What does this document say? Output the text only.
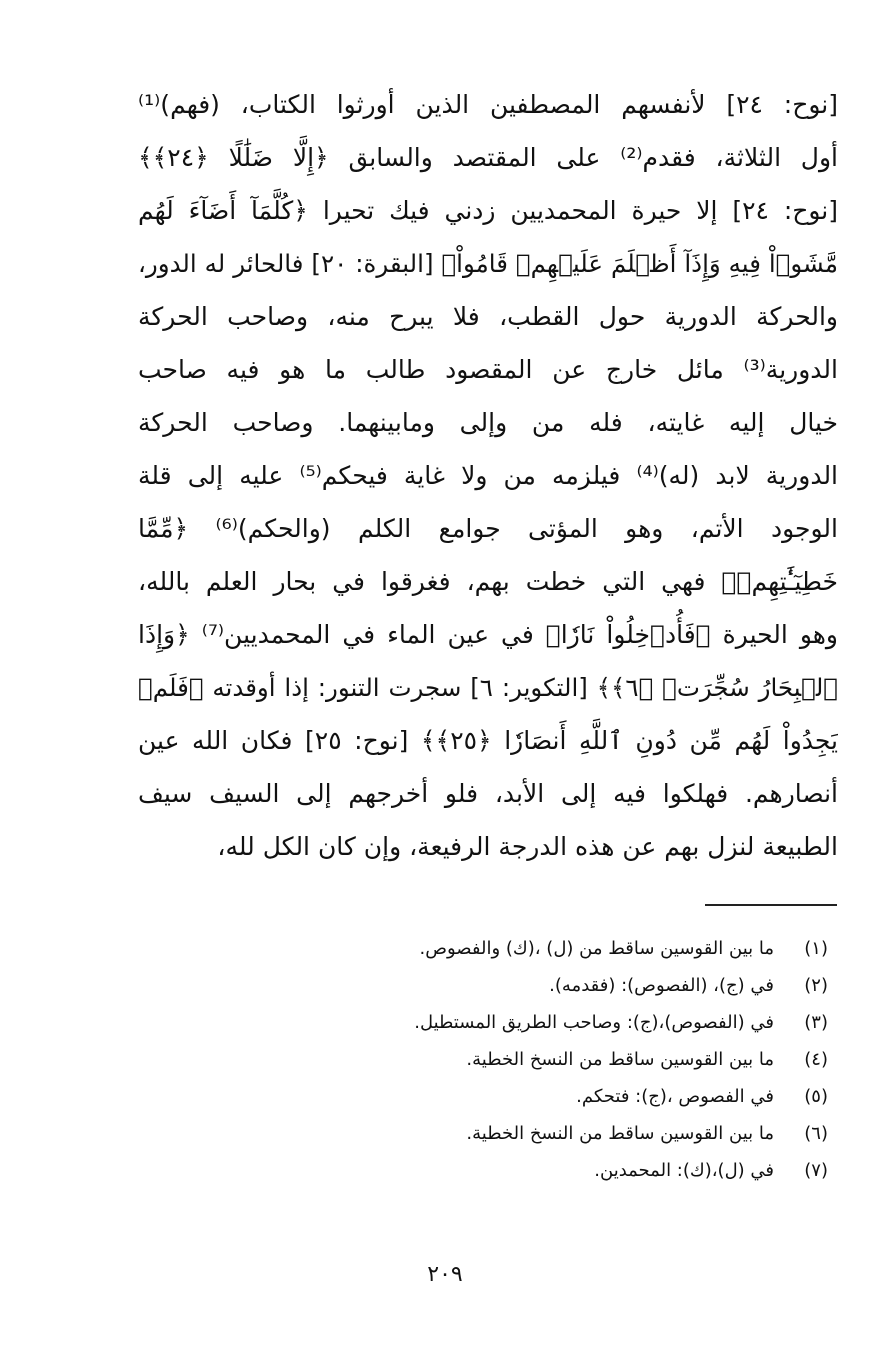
[نوح: ٢٤] لأنفسهم المصطفين الذين أورثوا الكتاب، (فهم)⁽¹⁾
أول الثلاثة، فقدم⁽²⁾ على المقتصد والسابق ﴿إِلَّا ضَلَٰلًا ﴿٢٤﴾﴾
[نوح: ٢٤] إلا حيرة المحمديين زدني فيك تحيرا ﴿كُلَّمَآ أَضَآءَ لَهُم
مَّشَوۡاْ فِيهِ وَإِذَآ أَظۡلَمَ عَلَيۡهِمۡ قَامُواْ﴾ [البقرة: ٢٠] فالحائر له الدور،
والحركة الدورية حول القطب، فلا يبرح منه، وصاحب الحركة
الدورية⁽³⁾ مائل خارج عن المقصود طالب ما هو فيه صاحب
خيال إليه غايته، فله من وإلى ومابينهما. وصاحب الحركة
الدورية لابد (له)⁽⁴⁾ فيلزمه من ولا غاية فيحكم⁽⁵⁾ عليه إلى قلة
الوجود الأتم، وهو المؤتى جوامع الكلم (والحكم)⁽⁶⁾ ﴿مِّمَّا
خَطِيٓـَٰٔتِهِمۡ﴾ فهي التي خطت بهم، فغرقوا في بحار العلم بالله،
وهو الحيرة ﴿فَأُدۡخِلُواْ نَارٗا﴾ في عين الماء في المحمديين⁽⁷⁾ ﴿وَإِذَا
ٱلۡبِحَارُ سُجِّرَتۡ ﴿٦﴾﴾ [التكوير: ٦] سجرت التنور: إذا أوقدته ﴿فَلَمۡ
يَجِدُواْ لَهُم مِّن دُونِ ٱللَّهِ أَنصَارٗا ﴿٢٥﴾﴾ [نوح: ٢٥] فكان الله عين
أنصارهم. فهلكوا فيه إلى الأبد، فلو أخرجهم إلى السيف سيف
الطبيعة لنزل بهم عن هذه الدرجة الرفيعة، وإن كان الكل لله،
(١)
ما بين القوسين ساقط من (ل) ،(ك) والفصوص.
(٢)
في (ج)، (الفصوص): (فقدمه).
(٣)
في (الفصوص)،(ج): وصاحب الطريق المستطيل.
(٤)
ما بين القوسين ساقط من النسخ الخطية.
(٥)
في الفصوص ،(ج): فتحكم.
(٦)
ما بين القوسين ساقط من النسخ الخطية.
(٧)
في (ل)،(ك): المحمدين.
٢٠٩
